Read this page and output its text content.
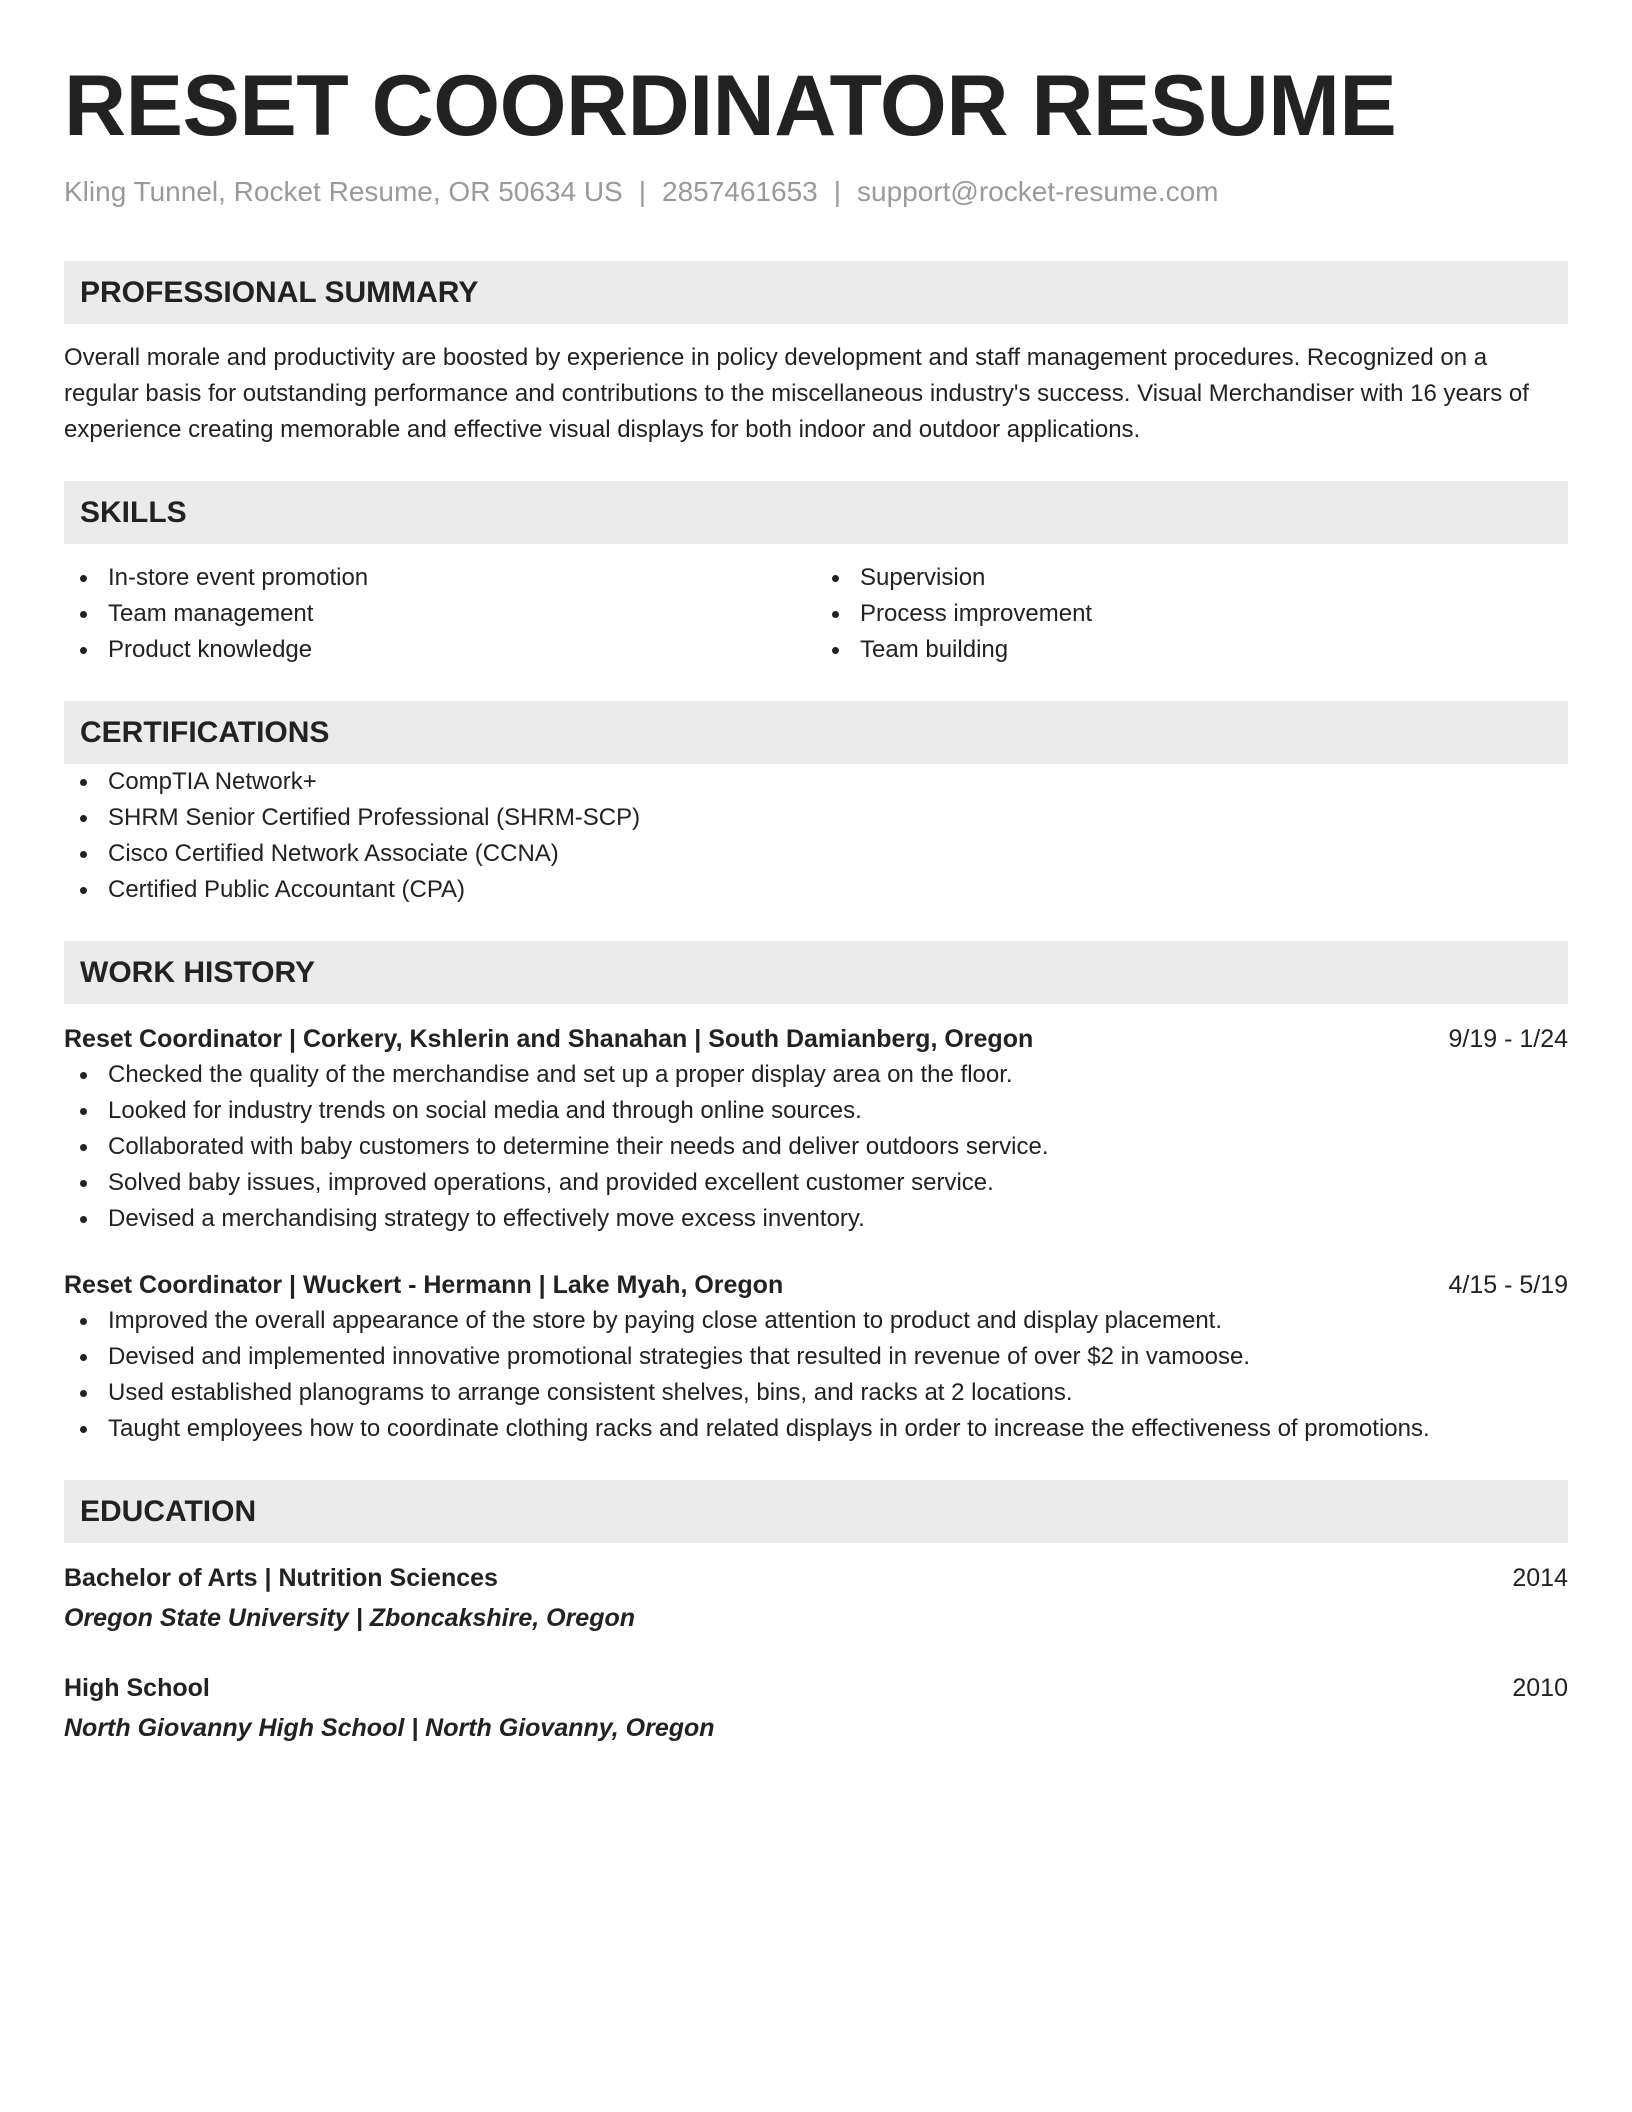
RESET COORDINATOR RESUME
Kling Tunnel, Rocket Resume, OR 50634 US | 2857461653 | support@rocket-resume.com
PROFESSIONAL SUMMARY
Overall morale and productivity are boosted by experience in policy development and staff management procedures. Recognized on a regular basis for outstanding performance and contributions to the miscellaneous industry's success. Visual Merchandiser with 16 years of experience creating memorable and effective visual displays for both indoor and outdoor applications.
SKILLS
In-store event promotion
Team management
Product knowledge
Supervision
Process improvement
Team building
CERTIFICATIONS
CompTIA Network+
SHRM Senior Certified Professional (SHRM-SCP)
Cisco Certified Network Associate (CCNA)
Certified Public Accountant (CPA)
WORK HISTORY
Reset Coordinator | Corkery, Kshlerin and Shanahan | South Damianberg, Oregon	9/19 - 1/24
Checked the quality of the merchandise and set up a proper display area on the floor.
Looked for industry trends on social media and through online sources.
Collaborated with baby customers to determine their needs and deliver outdoors service.
Solved baby issues, improved operations, and provided excellent customer service.
Devised a merchandising strategy to effectively move excess inventory.
Reset Coordinator | Wuckert - Hermann | Lake Myah, Oregon	4/15 - 5/19
Improved the overall appearance of the store by paying close attention to product and display placement.
Devised and implemented innovative promotional strategies that resulted in revenue of over $2 in vamoose.
Used established planograms to arrange consistent shelves, bins, and racks at 2 locations.
Taught employees how to coordinate clothing racks and related displays in order to increase the effectiveness of promotions.
EDUCATION
Bachelor of Arts | Nutrition Sciences	2014
Oregon State University | Zboncakshire, Oregon
High School	2010
North Giovanny High School | North Giovanny, Oregon
